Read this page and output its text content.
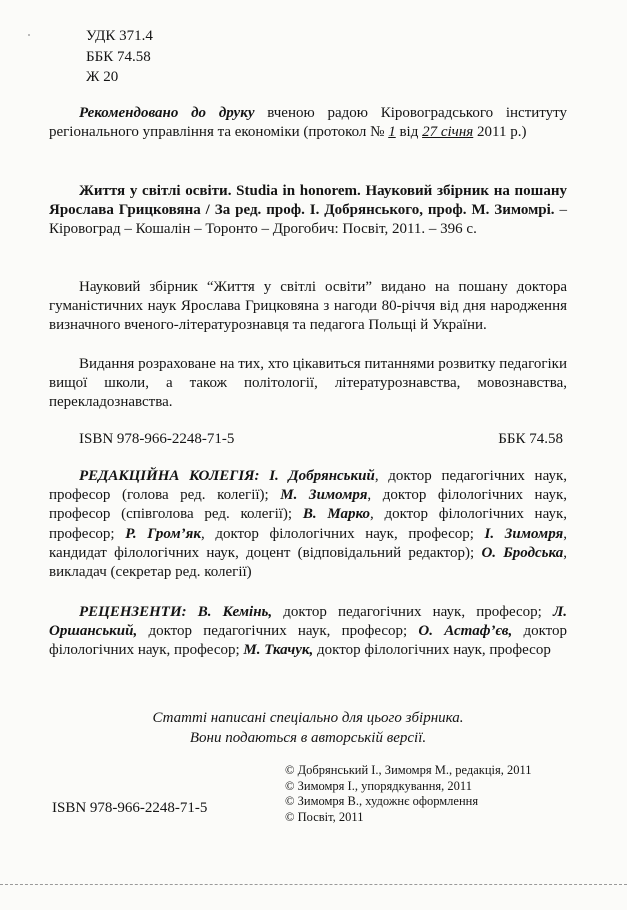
УДК 371.4
ББК 74.58
Ж 20
Рекомендовано до друку вченою радою Кіровоградського інституту регіонального управління та економіки (протокол № 1 від 27 січня 2011 р.)
Життя у світлі освіти. Studia in honorem. Науковий збірник на пошану Ярослава Грицковяна / За ред. проф. І. Добрянського, проф. М. Зимомрі. – Кіровоград – Кошалін – Торонто – Дрогобич: Посвіт, 2011. – 396 с.
Науковий збірник “Життя у світлі освіти” видано на пошану доктора гуманістичних наук Ярослава Грицковяна з нагоди 80-річчя від дня народження визначного вченого-літературознавця та педагога Польщі й України.
Видання розраховане на тих, хто цікавиться питаннями розвитку педагогіки вищої школи, а також політології, літературознавства, мовознавства, перекладознавства.
ISBN 978-966-2248-71-5	ББК 74.58
РЕДАКЦІЙНА КОЛЕГІЯ: І. Добрянський, доктор педагогічних наук, професор (голова ред. колегії); М. Зимомря, доктор філологічних наук, професор (співголова ред. колегії); В. Марко, доктор філологічних наук, професор; Р. Гром’як, доктор філологічних наук, професор; І. Зимомря, кандидат філологічних наук, доцент (відповідальний редактор); О. Бродська, викладач (секретар ред. колегії)
РЕЦЕНЗЕНТИ: В. Кемінь, доктор педагогічних наук, професор; Л. Оршанський, доктор педагогічних наук, професор; О. Астаф’єв, доктор філологічних наук, професор; М. Ткачук, доктор філологічних наук, професор
Статті написані спеціально для цього збірника.
Вони подаються в авторській версії.
© Добрянський І., Зимомря М., редакція, 2011
© Зимомря І., упорядкування, 2011
© Зимомря В., художнє оформлення
© Посвіт, 2011
ISBN 978-966-2248-71-5
